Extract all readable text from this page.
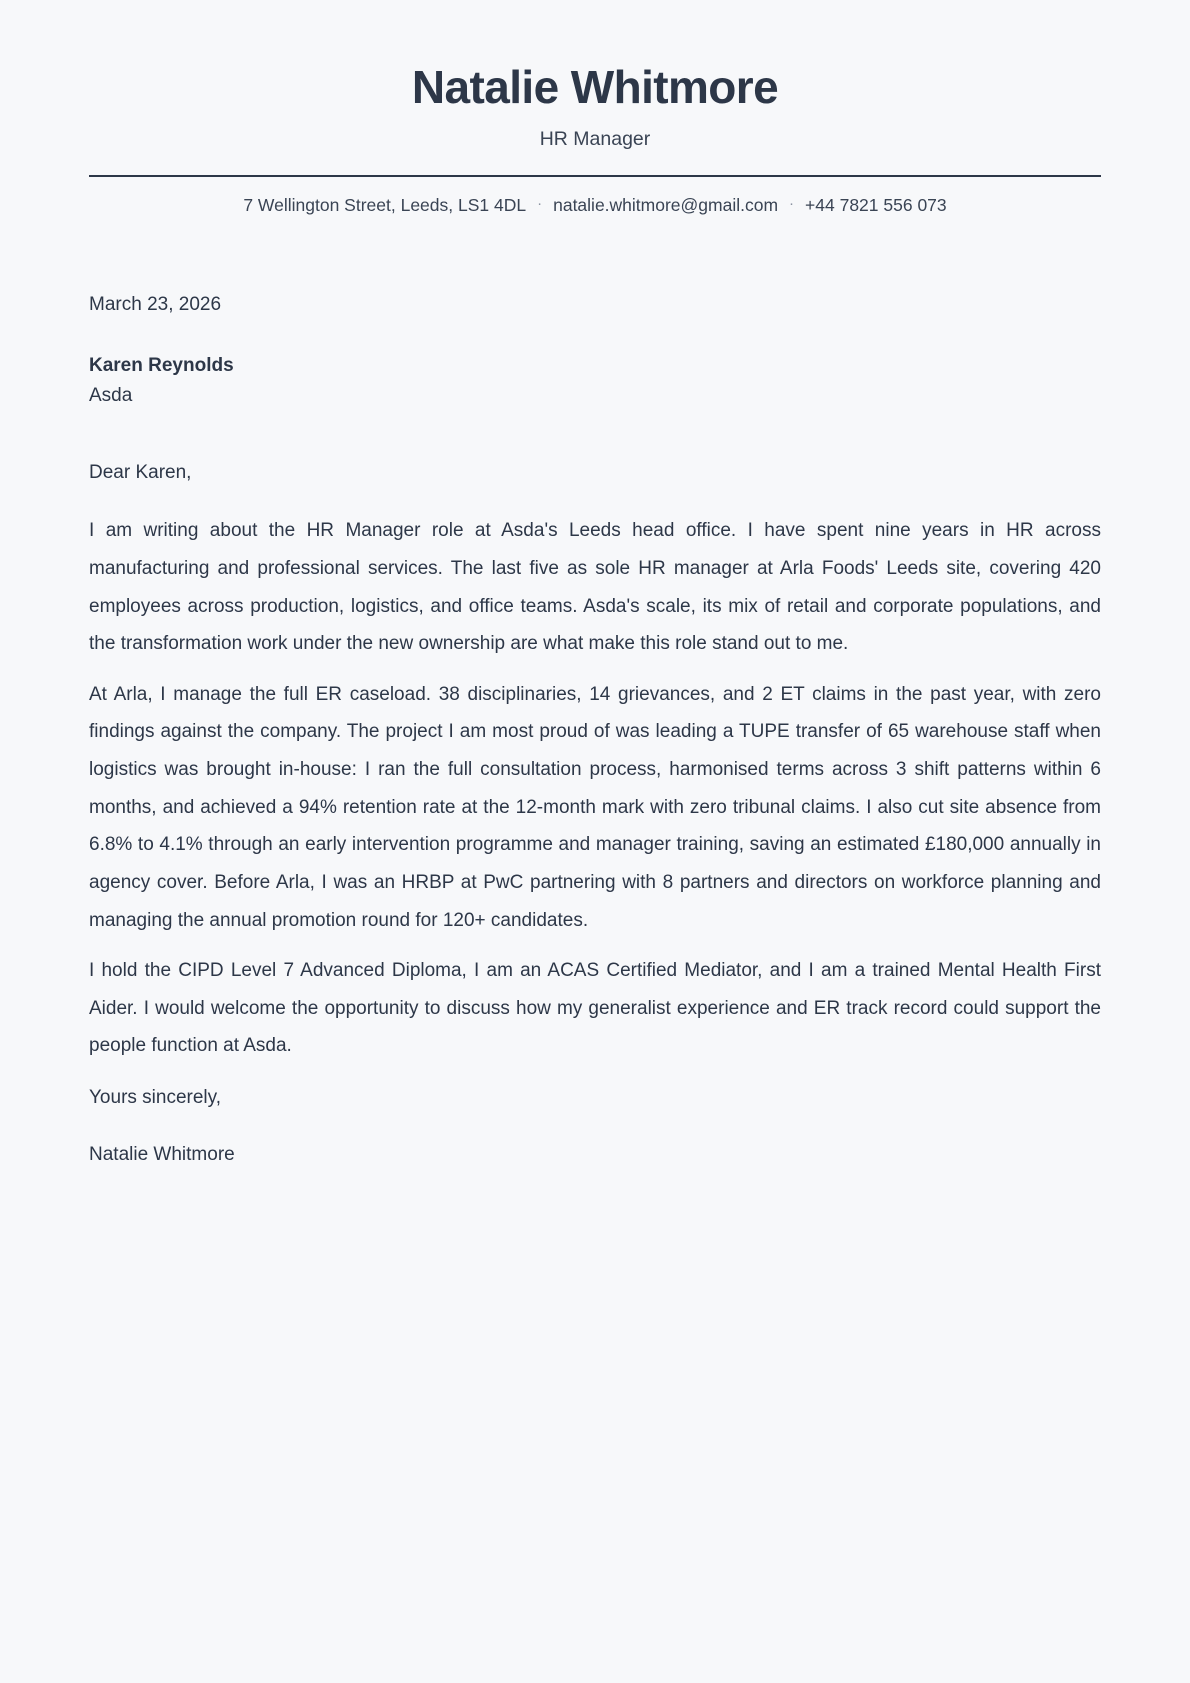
Natalie Whitmore
HR Manager
7 Wellington Street, Leeds, LS1 4DL · natalie.whitmore@gmail.com · +44 7821 556 073
March 23, 2026
Karen Reynolds
Asda
Dear Karen,

I am writing about the HR Manager role at Asda's Leeds head office. I have spent nine years in HR across manufacturing and professional services. The last five as sole HR manager at Arla Foods' Leeds site, covering 420 employees across production, logistics, and office teams. Asda's scale, its mix of retail and corporate populations, and the transformation work under the new ownership are what make this role stand out to me.

At Arla, I manage the full ER caseload. 38 disciplinaries, 14 grievances, and 2 ET claims in the past year, with zero findings against the company. The project I am most proud of was leading a TUPE transfer of 65 warehouse staff when logistics was brought in-house: I ran the full consultation process, harmonised terms across 3 shift patterns within 6 months, and achieved a 94% retention rate at the 12-month mark with zero tribunal claims. I also cut site absence from 6.8% to 4.1% through an early intervention programme and manager training, saving an estimated £180,000 annually in agency cover. Before Arla, I was an HRBP at PwC partnering with 8 partners and directors on workforce planning and managing the annual promotion round for 120+ candidates.

I hold the CIPD Level 7 Advanced Diploma, I am an ACAS Certified Mediator, and I am a trained Mental Health First Aider. I would welcome the opportunity to discuss how my generalist experience and ER track record could support the people function at Asda.

Yours sincerely,
Natalie Whitmore
